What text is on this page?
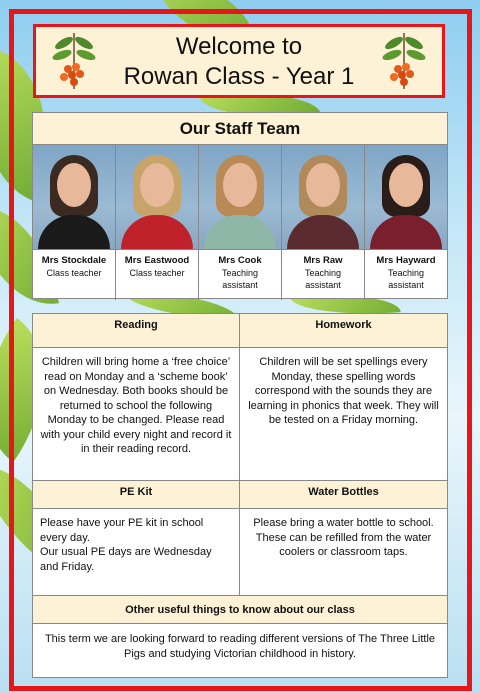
Welcome to
Rowan Class - Year 1
Our Staff Team
Mrs Stockdale
Class teacher
Mrs Eastwood
Class teacher
Mrs Cook
Teaching assistant
Mrs Raw
Teaching assistant
Mrs Hayward
Teaching assistant
Reading	Homework
Children will bring home a ‘free choice’ read on Monday and a ‘scheme book’ on Wednesday. Both books should be returned to school the following Monday to be changed. Please read with your child every night and record it in their reading record.
Children will be set spellings every Monday, these spelling words correspond with the sounds they are learning in phonics that week. They will be tested on a Friday morning.
PE Kit	Water Bottles
Please have your PE kit in school every day.
Our usual PE days are Wednesday and Friday.
Please bring a water bottle to school. These can be refilled from the water coolers or classroom taps.
Other useful things to know about our class
This term we are looking forward to reading different versions of The Three Little Pigs and studying Victorian childhood in history.
